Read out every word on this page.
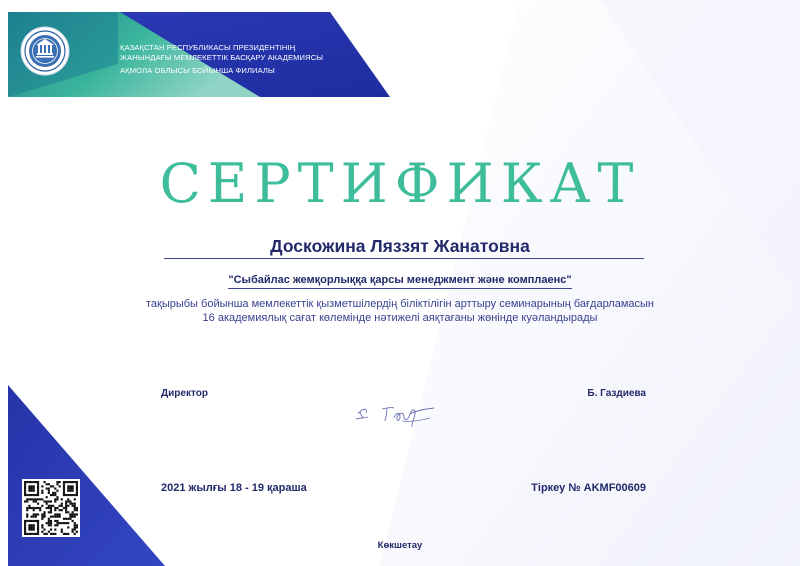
ҚАЗАҚСТАН РЕСПУБЛИКАСЫ ПРЕЗИДЕНТІНІҢ
ЖАНЫНДАҒЫ МЕМЛЕКЕТТІК БАСҚАРУ АКАДЕМИЯСЫ
АҚМОЛА ОБЛЫСЫ БОЙЫНША ФИЛИАЛЫ
СЕРТИФИКАТ
Доскожина Ляззят Жанатовна
"Сыбайлас жемқорлыққа қарсы менеджмент және комплаенс"
тақырыбы бойынша мемлекеттік қызметшілердің біліктілігін арттыру семинарының бағдарламасын
16 академиялық сағат көлемінде нәтижелі аяқтағаны жөнінде куәландырады
Директор	Б. Газдиева
2021 жылғы 18 - 19 қараша	Тіркеу № AKMF00609
Көкшетау
